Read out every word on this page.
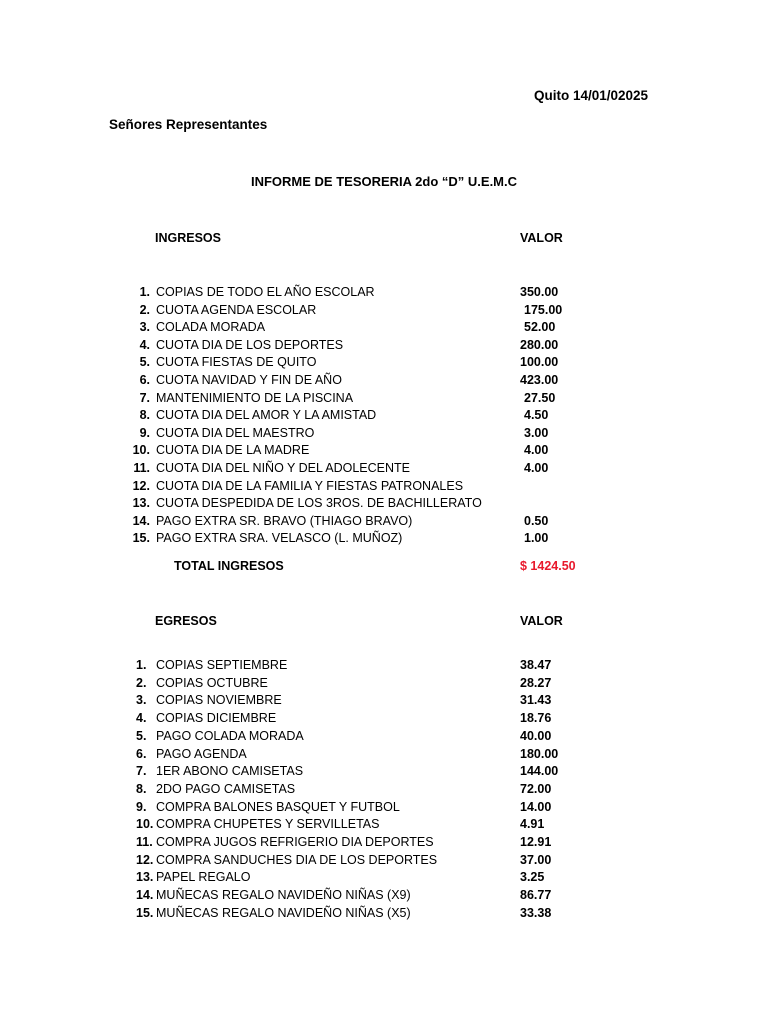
Quito 14/01/02025
Señores Representantes
INFORME DE TESORERIA 2do “D” U.E.M.C
INGRESOS	VALOR
1. COPIAS DE TODO EL AÑO ESCOLAR	350.00
2. CUOTA AGENDA ESCOLAR	175.00
3. COLADA MORADA	52.00
4. CUOTA DIA DE LOS DEPORTES	280.00
5. CUOTA FIESTAS DE QUITO	100.00
6. CUOTA NAVIDAD Y FIN DE AÑO	423.00
7. MANTENIMIENTO DE LA PISCINA	27.50
8. CUOTA DIA DEL AMOR Y LA AMISTAD	4.50
9. CUOTA DIA DEL MAESTRO	3.00
10. CUOTA DIA DE LA MADRE	4.00
11. CUOTA DIA DEL NIÑO Y DEL ADOLECENTE	4.00
12. CUOTA DIA DE LA FAMILIA Y FIESTAS PATRONALES
13. CUOTA DESPEDIDA DE LOS 3ROS. DE BACHILLERATO
14. PAGO EXTRA SR. BRAVO (THIAGO BRAVO)	0.50
15. PAGO EXTRA SRA. VELASCO (L. MUÑOZ)	1.00
TOTAL INGRESOS	$ 1424.50
EGRESOS	VALOR
1. COPIAS SEPTIEMBRE	38.47
2. COPIAS OCTUBRE	28.27
3. COPIAS NOVIEMBRE	31.43
4. COPIAS DICIEMBRE	18.76
5. PAGO COLADA MORADA	40.00
6. PAGO AGENDA	180.00
7. 1ER ABONO CAMISETAS	144.00
8. 2DO PAGO CAMISETAS	72.00
9. COMPRA BALONES BASQUET Y FUTBOL	14.00
10. COMPRA CHUPETES Y SERVILLETAS	4.91
11. COMPRA JUGOS REFRIGERIO DIA DEPORTES	12.91
12. COMPRA SANDUCHES DIA DE LOS DEPORTES	37.00
13. PAPEL REGALO	3.25
14. MUÑECAS REGALO NAVIDEÑO NIÑAS (X9)	86.77
15. MUÑECAS REGALO NAVIDEÑO NIÑAS (X5)	33.38
